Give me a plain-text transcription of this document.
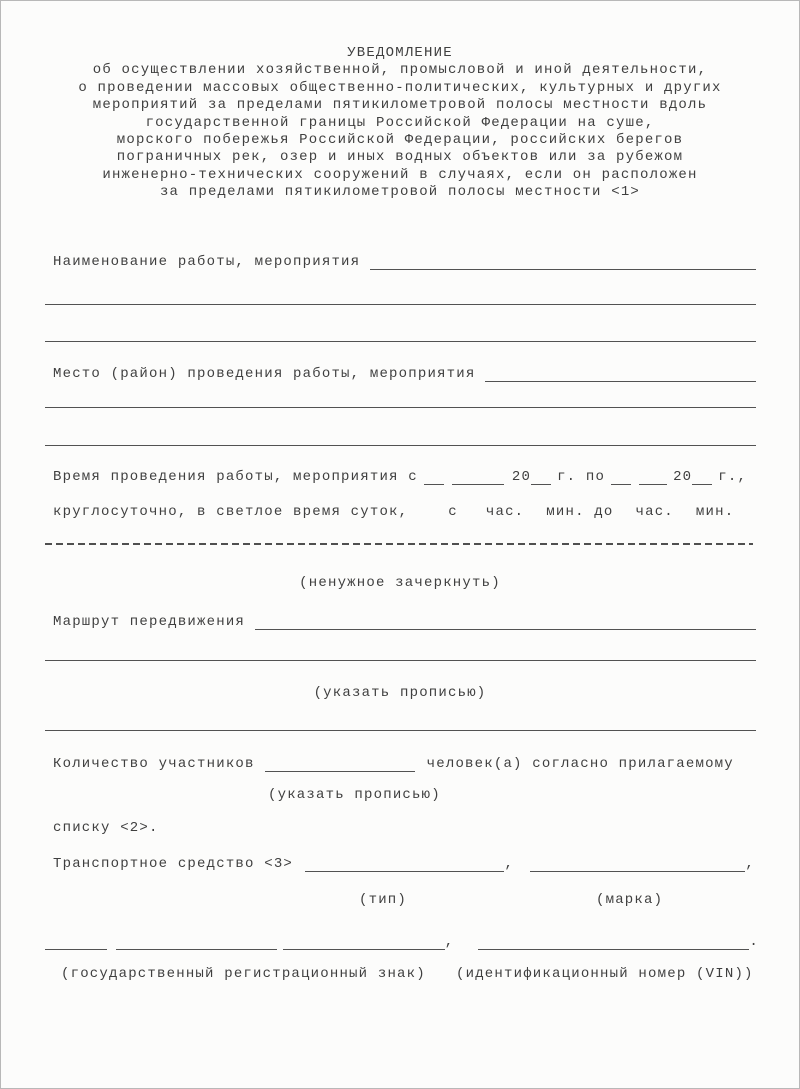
УВЕДОМЛЕНИЕ
об осуществлении хозяйственной, промысловой и иной деятельности,
о проведении массовых общественно-политических, культурных и других
мероприятий за пределами пятикилометровой полосы местности вдоль
государственной границы Российской Федерации на суше,
морского побережья Российской Федерации, российских берегов
пограничных рек, озер и иных водных объектов или за рубежом
инженерно-технических сооружений в случаях, если он расположен
за пределами пятикилометровой полосы местности <1>
Наименование работы, мероприятия
Место (район) проведения работы, мероприятия
Время проведения работы, мероприятия с	20 г. по	20 г.,
круглосуточно, в светлое время суток,	с час. мин. до час. мин.
(ненужное зачеркнуть)
Маршрут передвижения
(указать прописью)
Количество участников	человек(а) согласно прилагаемому
(указать прописью)
списку <2>.
Транспортное средство <3>	,	,
(тип)	(марка)
,	.
(государственный регистрационный знак) (идентификационный номер (VIN))
